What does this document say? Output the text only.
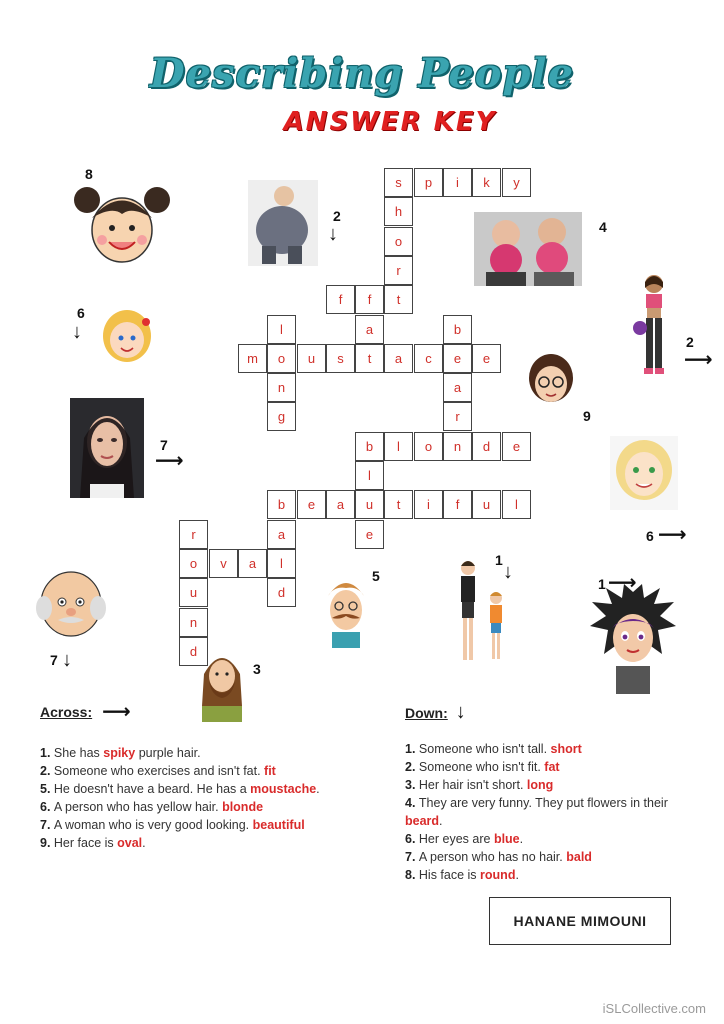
Describing People
ANSWER KEY
s	p	i	k	y
h
o
r
t
f	f
a
t
m	o	u	s	a	c	e	e
l
n
g
b
a
r
n
b	l	o	d	e
l
u
e
b	e	a	t	i	f	u	l
a
l
d
o	v	a
r
u
n
d
8
2
↓	4
6
↓	2
⟶
9
7
⟶
6 ⟶
5
1
↓
1 ⟶
7 ↓	3
Across: ⟶
1. She has spiky purple hair.
2. Someone who exercises and isn't fat. fit
5. He doesn't have a beard. He has a moustache.
6. A person who has yellow hair. blonde
7. A woman who is very good looking. beautiful
9. Her face is oval.
Down: ↓
1. Someone who isn't tall. short
2. Someone who isn't fit. fat
3. Her hair isn't short. long
4. They are very funny. They put flowers in their beard.
6. Her eyes are blue.
7. A person who has no hair. bald
8. His face is round.
HANANE MIMOUNI
iSLCollective.com
